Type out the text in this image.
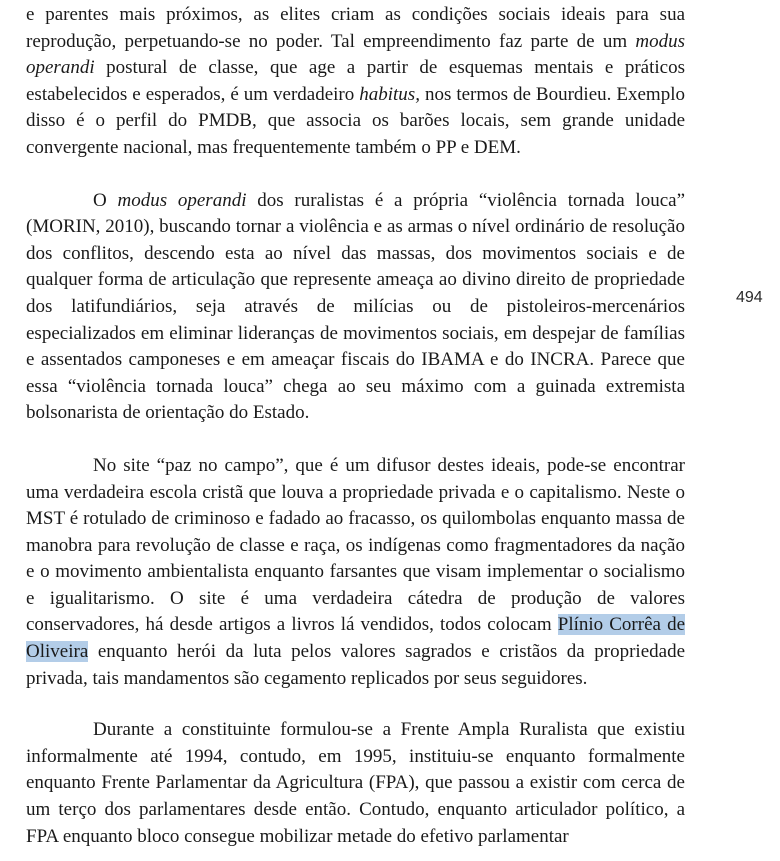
e parentes mais próximos, as elites criam as condições sociais ideais para sua reprodução, perpetuando-se no poder. Tal empreendimento faz parte de um modus operandi postural de classe, que age a partir de esquemas mentais e práticos estabelecidos e esperados, é um verdadeiro habitus, nos termos de Bourdieu. Exemplo disso é o perfil do PMDB, que associa os barões locais, sem grande unidade convergente nacional, mas frequentemente também o PP e DEM.

O modus operandi dos ruralistas é a própria “violência tornada louca” (MORIN, 2010), buscando tornar a violência e as armas o nível ordinário de resolução dos conflitos, descendo esta ao nível das massas, dos movimentos sociais e de qualquer forma de articulação que represente ameaça ao divino direito de propriedade dos latifundiários, seja através de milícias ou de pistoleiros-mercenários especializados em eliminar lideranças de movimentos sociais, em despejar de famílias e assentados camponeses e em ameaçar fiscais do IBAMA e do INCRA. Parece que essa “violência tornada louca” chega ao seu máximo com a guinada extremista bolsonarista de orientação do Estado.

No site “paz no campo”, que é um difusor destes ideais, pode-se encontrar uma verdadeira escola cristã que louva a propriedade privada e o capitalismo. Neste o MST é rotulado de criminoso e fadado ao fracasso, os quilombolas enquanto massa de manobra para revolução de classe e raça, os indígenas como fragmentadores da nação e o movimento ambientalista enquanto farsantes que visam implementar o socialismo e igualitarismo. O site é uma verdadeira cátedra de produção de valores conservadores, há desde artigos a livros lá vendidos, todos colocam Plínio Corrêa de Oliveira enquanto herói da luta pelos valores sagrados e cristãos da propriedade privada, tais mandamentos são cegamento replicados por seus seguidores.

Durante a constituinte formulou-se a Frente Ampla Ruralista que existiu informalmente até 1994, contudo, em 1995, instituiu-se enquanto formalmente enquanto Frente Parlamentar da Agricultura (FPA), que passou a existir com cerca de um terço dos parlamentares desde então. Contudo, enquanto articulador político, a FPA enquanto bloco consegue mobilizar metade do efetivo parlamentar

494
